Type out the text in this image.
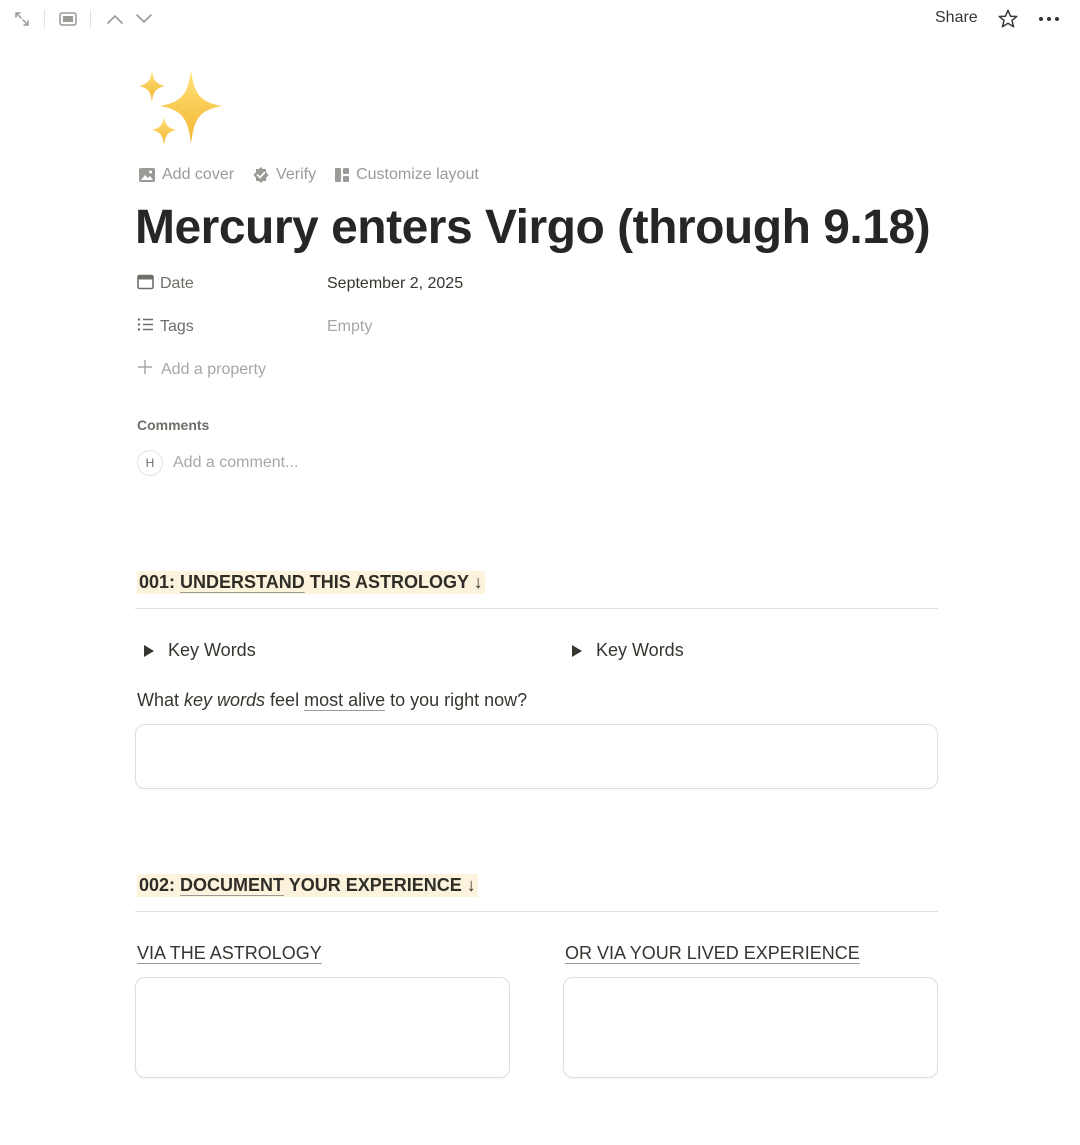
Share
Add cover	Verify	Customize layout
Mercury enters Virgo (through 9.18)
Date	September 2, 2025
Tags	Empty
Add a property
Comments
H	Add a comment...
001: UNDERSTAND THIS ASTROLOGY ↓
Key Words	Key Words
What key words feel most alive to you right now?
002: DOCUMENT YOUR EXPERIENCE ↓
VIA THE ASTROLOGY	OR VIA YOUR LIVED EXPERIENCE
